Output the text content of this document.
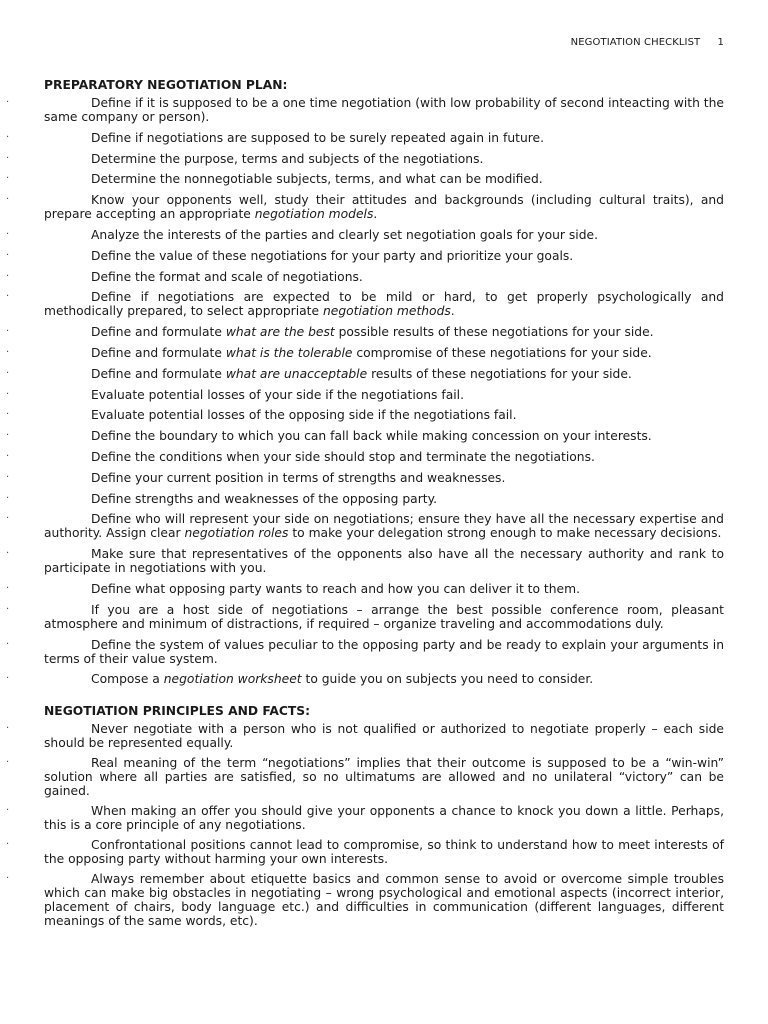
NEGOTIATION CHECKLIST 1
PREPARATORY NEGOTIATION PLAN:
·	Define if it is supposed to be a one time negotiation (with low probability of second inteacting with the same company or person).
·	Define if negotiations are supposed to be surely repeated again in future.
·	Determine the purpose, terms and subjects of the negotiations.
·	Determine the nonnegotiable subjects, terms, and what can be modified.
·	Know your opponents well, study their attitudes and backgrounds (including cultural traits), and prepare accepting an appropriate negotiation models.
·	Analyze the interests of the parties and clearly set negotiation goals for your side.
·	Define the value of these negotiations for your party and prioritize your goals.
·	Define the format and scale of negotiations.
·	Define if negotiations are expected to be mild or hard, to get properly psychologically and methodically prepared, to select appropriate negotiation methods.
·	Define and formulate what are the best possible results of these negotiations for your side.
·	Define and formulate what is the tolerable compromise of these negotiations for your side.
·	Define and formulate what are unacceptable results of these negotiations for your side.
·	Evaluate potential losses of your side if the negotiations fail.
·	Evaluate potential losses of the opposing side if the negotiations fail.
·	Define the boundary to which you can fall back while making concession on your interests.
·	Define the conditions when your side should stop and terminate the negotiations.
·	Define your current position in terms of strengths and weaknesses.
·	Define strengths and weaknesses of the opposing party.
·	Define who will represent your side on negotiations; ensure they have all the necessary expertise and authority. Assign clear negotiation roles to make your delegation strong enough to make necessary decisions.
·	Make sure that representatives of the opponents also have all the necessary authority and rank to participate in negotiations with you.
·	Define what opposing party wants to reach and how you can deliver it to them.
·	If you are a host side of negotiations – arrange the best possible conference room, pleasant atmosphere and minimum of distractions, if required – organize traveling and accommodations duly.
·	Define the system of values peculiar to the opposing party and be ready to explain your arguments in terms of their value system.
·	Compose a negotiation worksheet to guide you on subjects you need to consider.
NEGOTIATION PRINCIPLES AND FACTS:
·	Never negotiate with a person who is not qualified or authorized to negotiate properly – each side should be represented equally.
·	Real meaning of the term “negotiations” implies that their outcome is supposed to be a “win-win” solution where all parties are satisfied, so no ultimatums are allowed and no unilateral “victory” can be gained.
·	When making an offer you should give your opponents a chance to knock you down a little. Perhaps, this is a core principle of any negotiations.
·	Confrontational positions cannot lead to compromise, so think to understand how to meet interests of the opposing party without harming your own interests.
·	Always remember about etiquette basics and common sense to avoid or overcome simple troubles which can make big obstacles in negotiating – wrong psychological and emotional aspects (incorrect interior, placement of chairs, body language etc.) and difficulties in communication (different languages, different meanings of the same words, etc).
